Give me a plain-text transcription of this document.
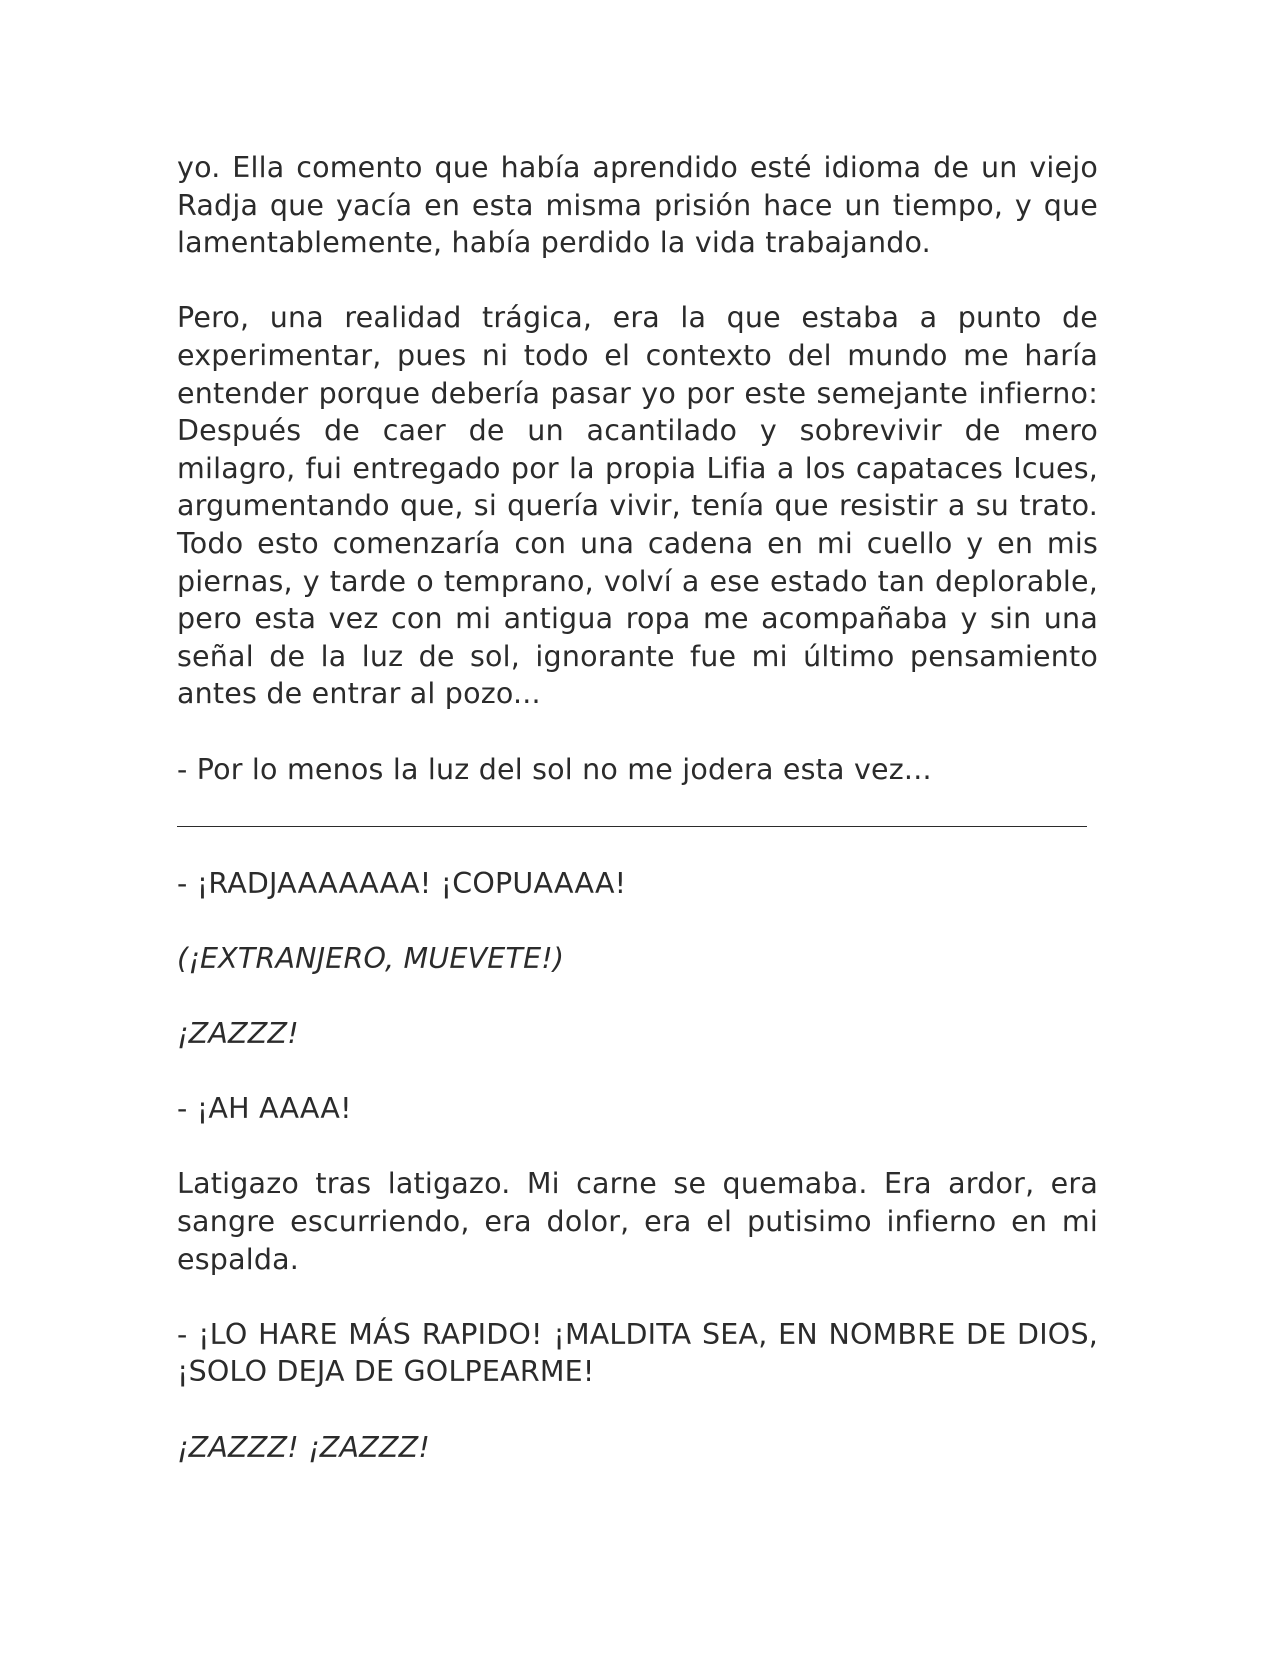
yo. Ella comento que había aprendido esté idioma de un viejo Radja que yacía en esta misma prisión hace un tiempo, y que lamentablemente, había perdido la vida trabajando.

Pero, una realidad trágica, era la que estaba a punto de experimentar, pues ni todo el contexto del mundo me haría entender porque debería pasar yo por este semejante infierno: Después de caer de un acantilado y sobrevivir de mero milagro, fui entregado por la propia Lifia a los capataces Icues, argumentando que, si quería vivir, tenía que resistir a su trato. Todo esto comenzaría con una cadena en mi cuello y en mis piernas, y tarde o temprano, volví a ese estado tan deplorable, pero esta vez con mi antigua ropa me acompañaba y sin una señal de la luz de sol, ignorante fue mi último pensamiento antes de entrar al pozo...

- Por lo menos la luz del sol no me jodera esta vez...

- ¡RADJAAAAAAA! ¡COPUAAAA!

(¡EXTRANJERO, MUEVETE!)

¡ZAZZZ!

- ¡AH AAAA!

Latigazo tras latigazo. Mi carne se quemaba. Era ardor, era sangre escurriendo, era dolor, era el putisimo infierno en mi espalda.

- ¡LO HARE MÁS RAPIDO! ¡MALDITA SEA, EN NOMBRE DE DIOS, ¡SOLO DEJA DE GOLPEARME!

¡ZAZZZ! ¡ZAZZZ!
